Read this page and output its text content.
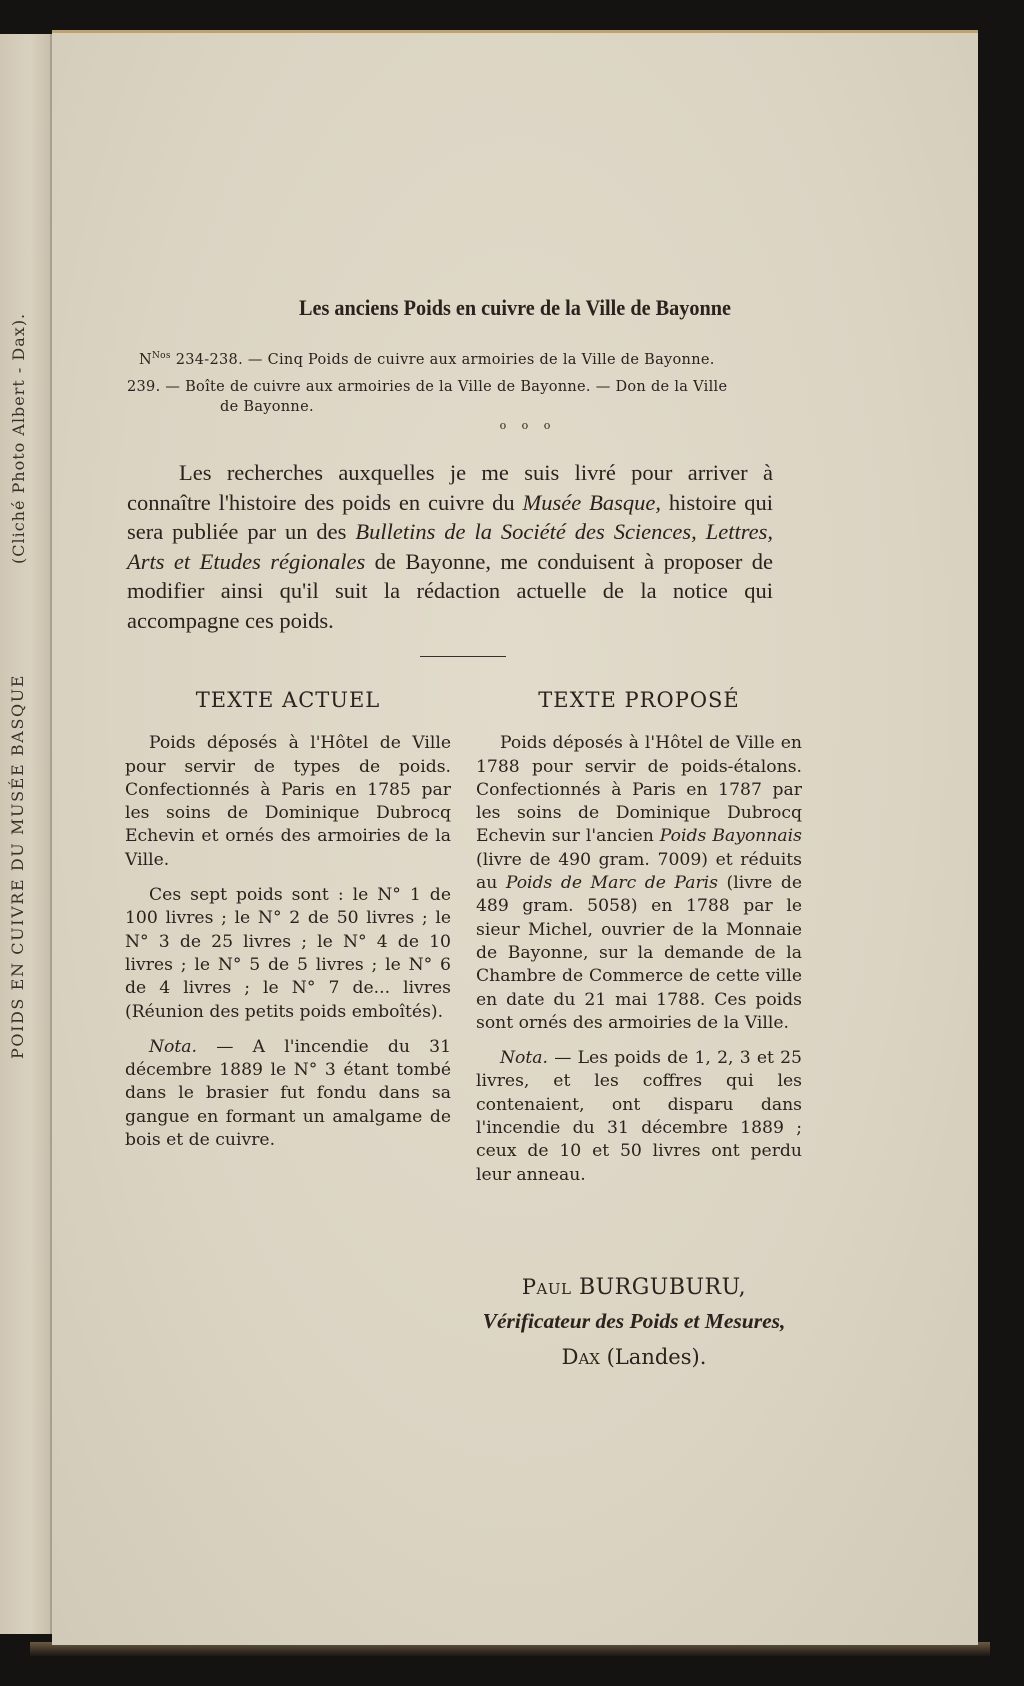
(Cliché Photo Albert - Dax).
POIDS EN CUIVRE DU MUSÉE BASQUE
Les anciens Poids en cuivre de la Ville de Bayonne
$N^{Nos}$ 234-238. — Cinq Poids de cuivre aux armoiries de la Ville de Bayonne.
239. — Boîte de cuivre aux armoiries de la Ville de Bayonne. — Don de la Ville
de Bayonne.
o o o

Les recherches auxquelles je me suis livré pour arriver à connaître l'histoire des poids en cuivre du Musée Basque, histoire qui sera publiée par un des Bulletins de la Société des Sciences, Lettres, Arts et Etudes régionales de Bayonne, me conduisent à proposer de modifier ainsi qu'il suit la rédaction actuelle de la notice qui accompagne ces poids.

TEXTE ACTUEL

Poids déposés à l'Hôtel de Ville pour servir de types de poids. Confectionnés à Paris en 1785 par les soins de Dominique Dubrocq Echevin et ornés des armoiries de la Ville.

Ces sept poids sont : le N° 1 de 100 livres ; le N° 2 de 50 livres ; le N° 3 de 25 livres ; le N° 4 de 10 livres ; le N° 5 de 5 livres ; le N° 6 de 4 livres ; le N° 7 de... livres (Réunion des petits poids emboîtés).

Nota. — A l'incendie du 31 décembre 1889 le N° 3 étant tombé dans le brasier fut fondu dans sa gangue en formant un amalgame de bois et de cuivre.

TEXTE PROPOSÉ

Poids déposés à l'Hôtel de Ville en 1788 pour servir de poids-étalons. Confectionnés à Paris en 1787 par les soins de Dominique Dubrocq Echevin sur l'ancien Poids Bayonnais (livre de 490 gram. 7009) et réduits au Poids de Marc de Paris (livre de 489 gram. 5058) en 1788 par le sieur Michel, ouvrier de la Monnaie de Bayonne, sur la demande de la Chambre de Commerce de cette ville en date du 21 mai 1788. Ces poids sont ornés des armoiries de la Ville.

Nota. — Les poids de 1, 2, 3 et 25 livres, et les coffres qui les contenaient, ont disparu dans l'incendie du 31 décembre 1889 ; ceux de 10 et 50 livres ont perdu leur anneau.

Paul BURGUBURU,
Vérificateur des Poids et Mesures,
Dax (Landes).
